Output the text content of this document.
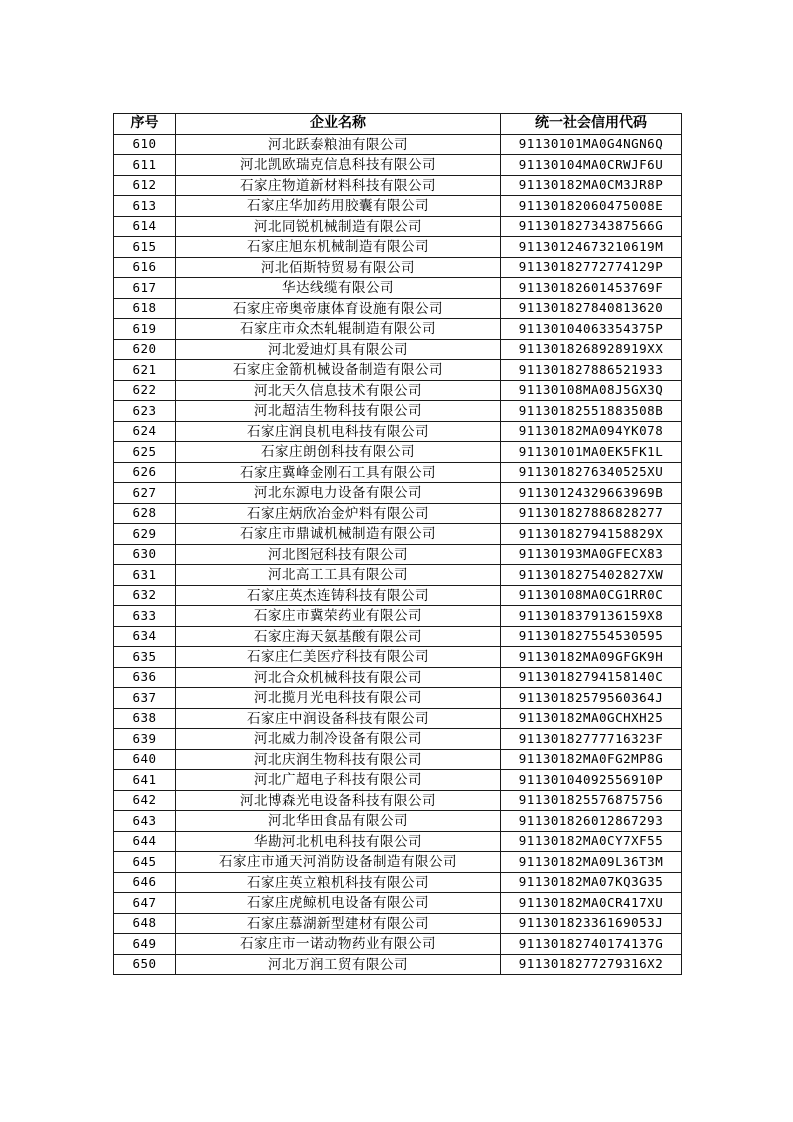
序号	企业名称	统一社会信用代码
610	河北跃泰粮油有限公司	91130101MA0G4NGN6Q
611	河北凯欧瑞克信息科技有限公司	91130104MA0CRWJF6U
612	石家庄物道新材料科技有限公司	91130182MA0CM3JR8P
613	石家庄华加药用胶囊有限公司	91130182060475008E
614	河北同锐机械制造有限公司	91130182734387566G
615	石家庄旭东机械制造有限公司	91130124673210619M
616	河北佰斯特贸易有限公司	91130182772774129P
617	华达线缆有限公司	91130182601453769F
618	石家庄帝奥帝康体育设施有限公司	911301827840813620
619	石家庄市众杰轧辊制造有限公司	91130104063354375P
620	河北爱迪灯具有限公司	9113018268928919XX
621	石家庄金箭机械设备制造有限公司	911301827886521933
622	河北天久信息技术有限公司	91130108MA08J5GX3Q
623	河北超洁生物科技有限公司	91130182551883508B
624	石家庄润良机电科技有限公司	91130182MA094YK078
625	石家庄朗创科技有限公司	91130101MA0EK5FK1L
626	石家庄冀峰金刚石工具有限公司	9113018276340525XU
627	河北东源电力设备有限公司	91130124329663969B
628	石家庄炳欣冶金炉料有限公司	911301827886828277
629	石家庄市鼎诚机械制造有限公司	91130182794158829X
630	河北图冠科技有限公司	91130193MA0GFECX83
631	河北高工工具有限公司	9113018275402827XW
632	石家庄英杰连铸科技有限公司	91130108MA0CG1RR0C
633	石家庄市冀荣药业有限公司	9113018379136159X8
634	石家庄海天氨基酸有限公司	911301827554530595
635	石家庄仁美医疗科技有限公司	91130182MA09GFGK9H
636	河北合众机械科技有限公司	91130182794158140C
637	河北揽月光电科技有限公司	91130182579560364J
638	石家庄中润设备科技有限公司	91130182MA0GCHXH25
639	河北威力制冷设备有限公司	91130182777716323F
640	河北庆润生物科技有限公司	91130182MA0FG2MP8G
641	河北广超电子科技有限公司	91130104092556910P
642	河北博森光电设备科技有限公司	911301825576875756
643	河北华田食品有限公司	911301826012867293
644	华勘河北机电科技有限公司	91130182MA0CY7XF55
645	石家庄市通天河消防设备制造有限公司	91130182MA09L36T3M
646	石家庄英立粮机科技有限公司	91130182MA07KQ3G35
647	石家庄虎鲸机电设备有限公司	91130182MA0CR417XU
648	石家庄慕湖新型建材有限公司	91130182336169053J
649	石家庄市一诺动物药业有限公司	91130182740174137G
650	河北万润工贸有限公司	9113018277279316X2
